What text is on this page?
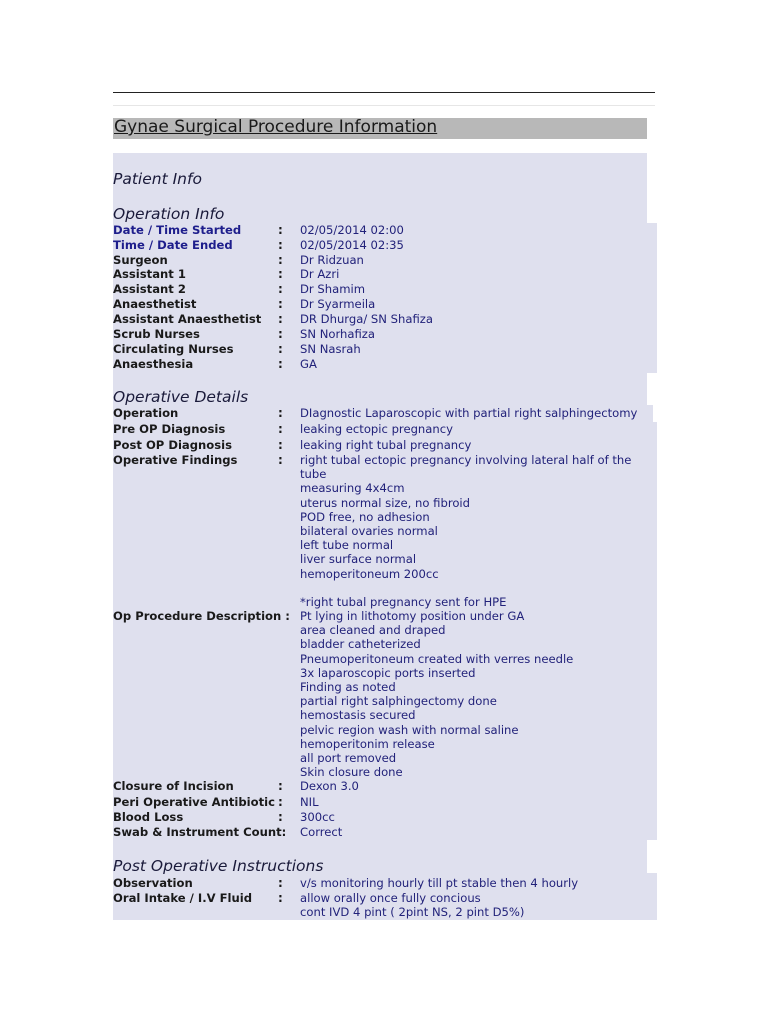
Gynae Surgical Procedure Information
Patient Info
Operation Info
Date / Time Started	: 02/05/2014 02:00
Time / Date Ended	: 02/05/2014 02:35
Surgeon	: Dr Ridzuan
Assistant 1	: Dr Azri
Assistant 2	: Dr Shamim
Anaesthetist	: Dr Syarmeila
Assistant Anaesthetist : DR Dhurga/ SN Shafiza
Scrub Nurses	: SN Norhafiza
Circulating Nurses	: SN Nasrah
Anaesthesia	: GA
Operative Details
Operation	: DIagnostic Laparoscopic with partial right salphingectomy
Pre OP Diagnosis	: leaking ectopic pregnancy
Post OP Diagnosis	: leaking right tubal pregnancy
Operative Findings	: right tubal ectopic pregnancy involving lateral half of the
tube
measuring 4x4cm
uterus normal size, no fibroid
POD free, no adhesion
bilateral ovaries normal
left tube normal
liver surface normal
hemoperitoneum 200cc
*right tubal pregnancy sent for HPE
Op Procedure Description : Pt lying in lithotomy position under GA
area cleaned and draped
bladder catheterized
Pneumoperitoneum created with verres needle
3x laparoscopic ports inserted
Finding as noted
partial right salphingectomy done
hemostasis secured
pelvic region wash with normal saline
hemoperitonim release
all port removed
Skin closure done
Closure of Incision	: Dexon 3.0
Peri Operative Antibiotic : NIL
Blood Loss	: 300cc
Swab & Instrument Count: Correct
Post Operative Instructions
Observation	: v/s monitoring hourly till pt stable then 4 hourly
Oral Intake / I.V Fluid : allow orally once fully concious
cont IVD 4 pint ( 2pint NS, 2 pint D5%)
